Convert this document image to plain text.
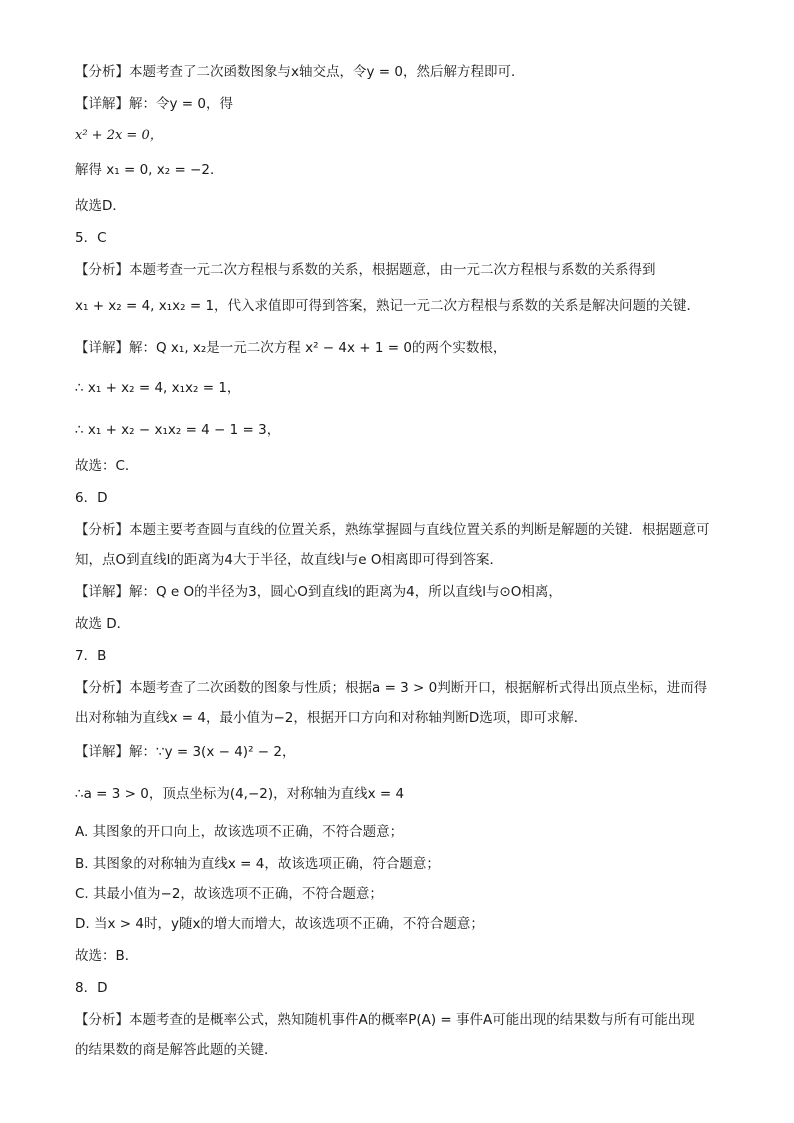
【分析】本题考查了二次函数图象与x轴交点，令y = 0，然后解方程即可．
【详解】解：令y = 0，得
x² + 2x = 0，
解得 x₁ = 0, x₂ = −2．
故选D．
5．C
【分析】本题考查一元二次方程根与系数的关系，根据题意，由一元二次方程根与系数的关系得到
x₁ + x₂ = 4, x₁x₂ = 1，代入求值即可得到答案，熟记一元二次方程根与系数的关系是解决问题的关键．
【详解】解：Q x₁, x₂是一元二次方程 x² − 4x + 1 = 0的两个实数根，
∴ x₁ + x₂ = 4, x₁x₂ = 1，
∴ x₁ + x₂ − x₁x₂ = 4 − 1 = 3，
故选：C．
6．D
【分析】本题主要考查圆与直线的位置关系，熟练掌握圆与直线位置关系的判断是解题的关键．根据题意可
知，点O到直线l的距离为4大于半径，故直线l与e O相离即可得到答案．
【详解】解：Q e O的半径为3，圆心O到直线l的距离为4，所以直线l与⊙O相离，
故选 D．
7．B
【分析】本题考查了二次函数的图象与性质；根据a = 3 > 0判断开口，根据解析式得出顶点坐标，进而得
出对称轴为直线x = 4，最小值为−2，根据开口方向和对称轴判断D选项，即可求解．
【详解】解：∵y = 3(x − 4)² − 2，
∴a = 3 > 0，顶点坐标为(4,−2)，对称轴为直线x = 4
A. 其图象的开口向上，故该选项不正确，不符合题意；
B. 其图象的对称轴为直线x = 4，故该选项正确，符合题意；
C. 其最小值为−2，故该选项不正确，不符合题意；
D. 当x > 4时，y随x的增大而增大，故该选项不正确，不符合题意；
故选：B．
8．D
【分析】本题考查的是概率公式，熟知随机事件A的概率P(A) = 事件A可能出现的结果数与所有可能出现
的结果数的商是解答此题的关键．
